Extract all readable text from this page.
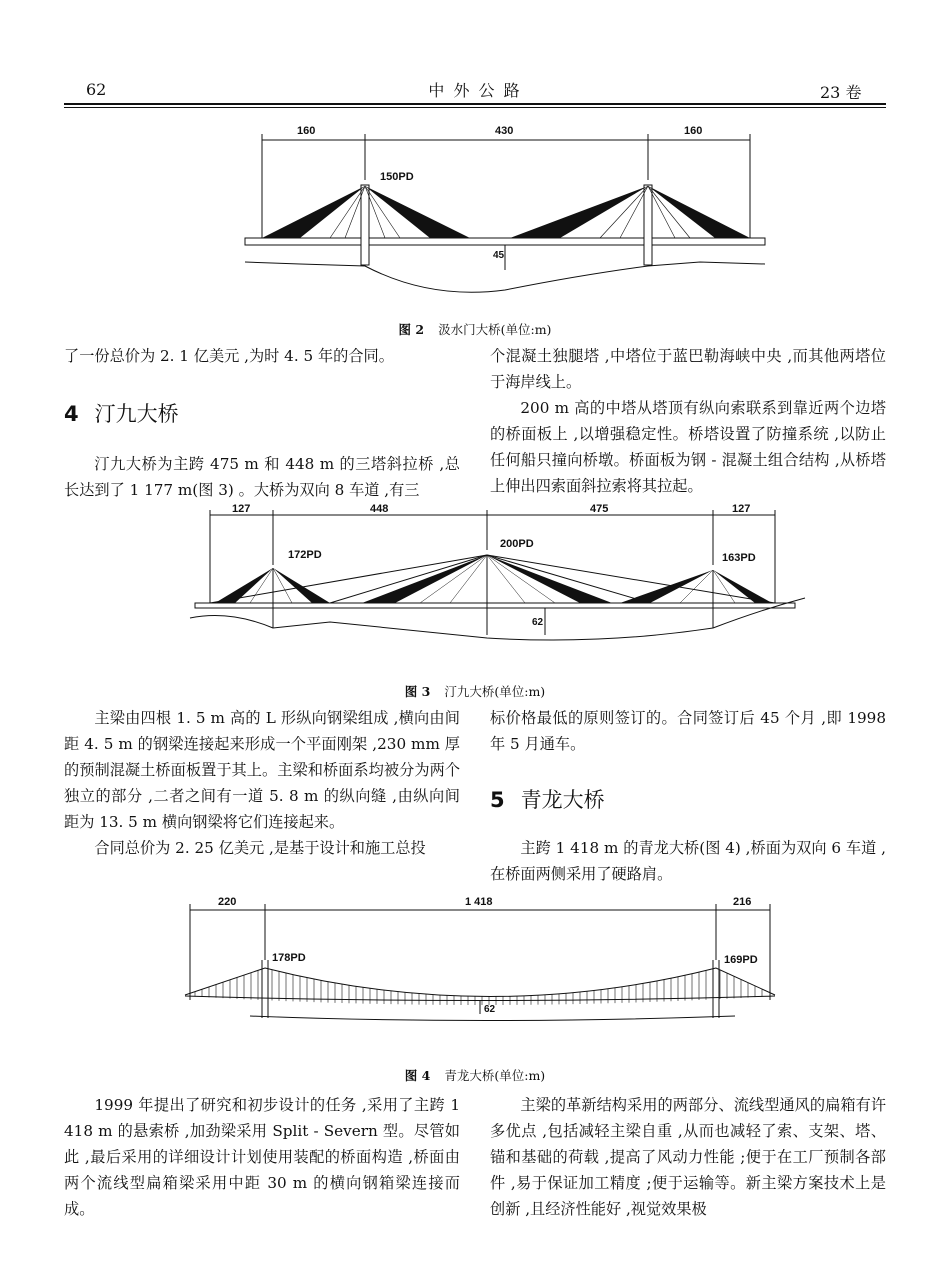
62	中 外 公 路	23 卷
160	430	160
150PD
45
图 2 汲水门大桥(单位:m)

了一份总价为 2. 1 亿美元 ,为时 4. 5 年的合同。

4 汀九大桥

汀九大桥为主跨 475 m 和 448 m 的三塔斜拉桥 ,总长达到了 1 177 m(图 3) 。大桥为双向 8 车道 ,有三

个混凝土独腿塔 ,中塔位于蓝巴勒海峡中央 ,而其他两塔位于海岸线上。

200 m 高的中塔从塔顶有纵向索联系到靠近两个边塔的桥面板上 ,以增强稳定性。桥塔设置了防撞系统 ,以防止任何船只撞向桥墩。桥面板为钢 - 混凝土组合结构 ,从桥塔上伸出四索面斜拉索将其拉起。

127	448	475	127
172PD
200PD
163PD
62
图 3 汀九大桥(单位:m)

主梁由四根 1. 5 m 高的 L 形纵向钢梁组成 ,横向由间距 4. 5 m 的钢梁连接起来形成一个平面刚架 ,230 mm 厚的预制混凝土桥面板置于其上。主梁和桥面系均被分为两个独立的部分 ,二者之间有一道 5. 8 m 的纵向缝 ,由纵向间距为 13. 5 m 横向钢梁将它们连接起来。

合同总价为 2. 25 亿美元 ,是基于设计和施工总投

标价格最低的原则签订的。合同签订后 45 个月 ,即 1998 年 5 月通车。

5 青龙大桥

主跨 1 418 m 的青龙大桥(图 4) ,桥面为双向 6 车道 ,在桥面两侧采用了硬路肩。

220	1 418	216
178PD	169PD
62
图 4 青龙大桥(单位:m)

1999 年提出了研究和初步设计的任务 ,采用了主跨 1 418 m 的悬索桥 ,加劲梁采用 Split - Severn 型。尽管如此 ,最后采用的详细设计计划使用装配的桥面构造 ,桥面由两个流线型扁箱梁采用中距 30 m 的横向钢箱梁连接而成。

主梁的革新结构采用的两部分、流线型通风的扁箱有许多优点 ,包括减轻主梁自重 ,从而也减轻了索、支架、塔、锚和基础的荷载 ,提高了风动力性能 ;便于在工厂预制各部件 ,易于保证加工精度 ;便于运输等。新主梁方案技术上是创新 ,且经济性能好 ,视觉效果极
